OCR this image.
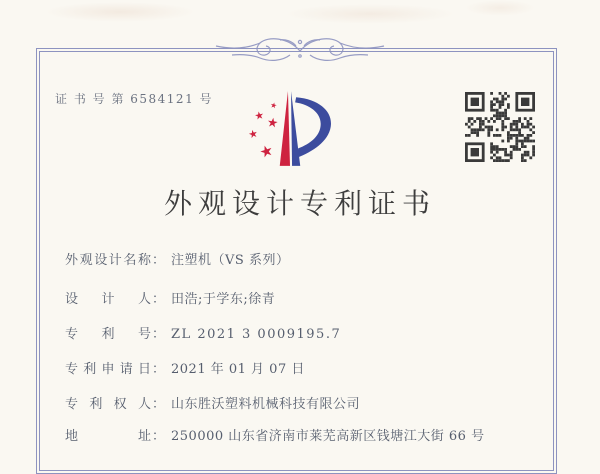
证 书 号 第 6584121 号
外观设计专利证书
外观设计名称： 注塑机（VS 系列）
设计人： 田浩;于学东;徐青
专利号： ZL 2021 3 0009195.7
专利申请日： 2021 年 01 月 07 日
专利权人： 山东胜沃塑料机械科技有限公司
地址： 250000 山东省济南市莱芜高新区钱塘江大街 66 号
